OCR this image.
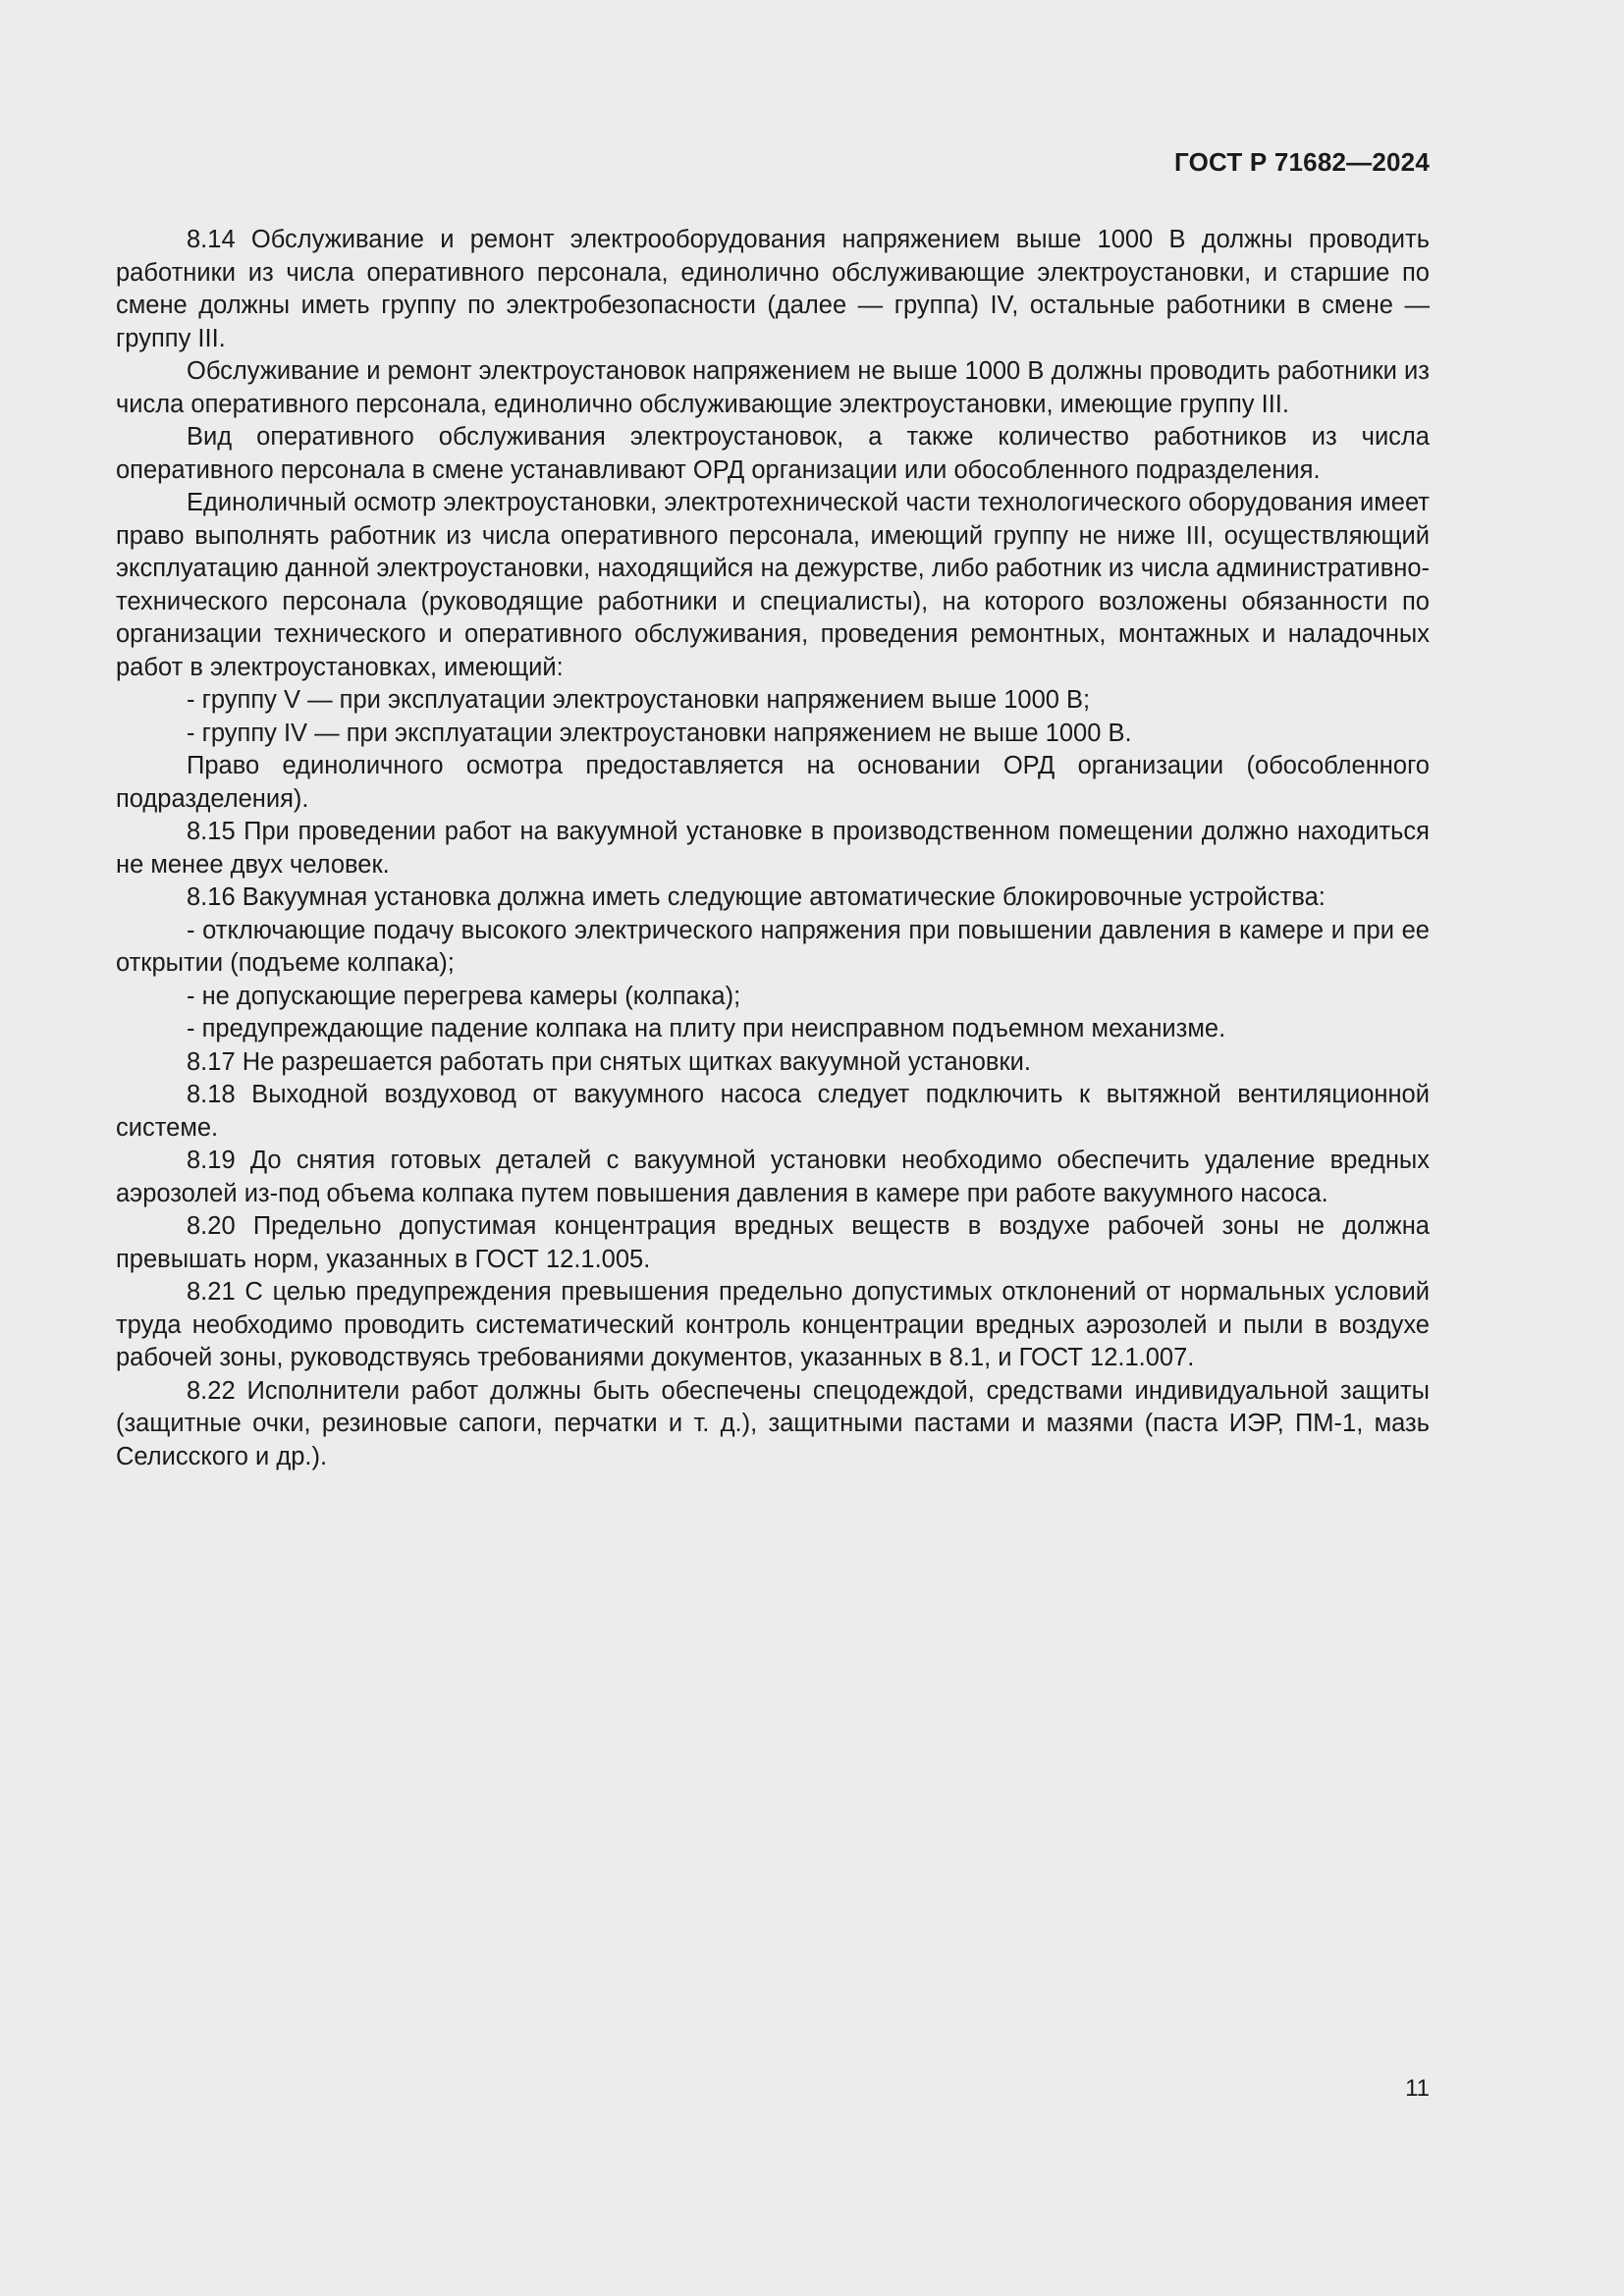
ГОСТ Р 71682—2024

8.14 Обслуживание и ремонт электрооборудования напряжением выше 1000 В должны проводить работники из числа оперативного персонала, единолично обслуживающие электроустановки, и старшие по смене должны иметь группу по электробезопасности (далее — группа) IV, остальные работники в смене — группу III.

Обслуживание и ремонт электроустановок напряжением не выше 1000 В должны проводить работники из числа оперативного персонала, единолично обслуживающие электроустановки, имеющие группу III.

Вид оперативного обслуживания электроустановок, а также количество работников из числа оперативного персонала в смене устанавливают ОРД организации или обособленного подразделения.

Единоличный осмотр электроустановки, электротехнической части технологического оборудования имеет право выполнять работник из числа оперативного персонала, имеющий группу не ниже III, осуществляющий эксплуатацию данной электроустановки, находящийся на дежурстве, либо работник из числа административно-технического персонала (руководящие работники и специалисты), на которого возложены обязанности по организации технического и оперативного обслуживания, проведения ремонтных, монтажных и наладочных работ в электроустановках, имеющий:

- группу V — при эксплуатации электроустановки напряжением выше 1000 В;

- группу IV — при эксплуатации электроустановки напряжением не выше 1000 В.

Право единоличного осмотра предоставляется на основании ОРД организации (обособленного подразделения).

8.15 При проведении работ на вакуумной установке в производственном помещении должно находиться не менее двух человек.

8.16 Вакуумная установка должна иметь следующие автоматические блокировочные устройства:

- отключающие подачу высокого электрического напряжения при повышении давления в камере и при ее открытии (подъеме колпака);

- не допускающие перегрева камеры (колпака);

- предупреждающие падение колпака на плиту при неисправном подъемном механизме.

8.17 Не разрешается работать при снятых щитках вакуумной установки.

8.18 Выходной воздуховод от вакуумного насоса следует подключить к вытяжной вентиляционной системе.

8.19 До снятия готовых деталей с вакуумной установки необходимо обеспечить удаление вредных аэрозолей из-под объема колпака путем повышения давления в камере при работе вакуумного насоса.

8.20 Предельно допустимая концентрация вредных веществ в воздухе рабочей зоны не должна превышать норм, указанных в ГОСТ 12.1.005.

8.21 С целью предупреждения превышения предельно допустимых отклонений от нормальных условий труда необходимо проводить систематический контроль концентрации вредных аэрозолей и пыли в воздухе рабочей зоны, руководствуясь требованиями документов, указанных в 8.1, и ГОСТ 12.1.007.

8.22 Исполнители работ должны быть обеспечены спецодеждой, средствами индивидуальной защиты (защитные очки, резиновые сапоги, перчатки и т. д.), защитными пастами и мазями (паста ИЭР, ПМ-1, мазь Селисского и др.).

11
